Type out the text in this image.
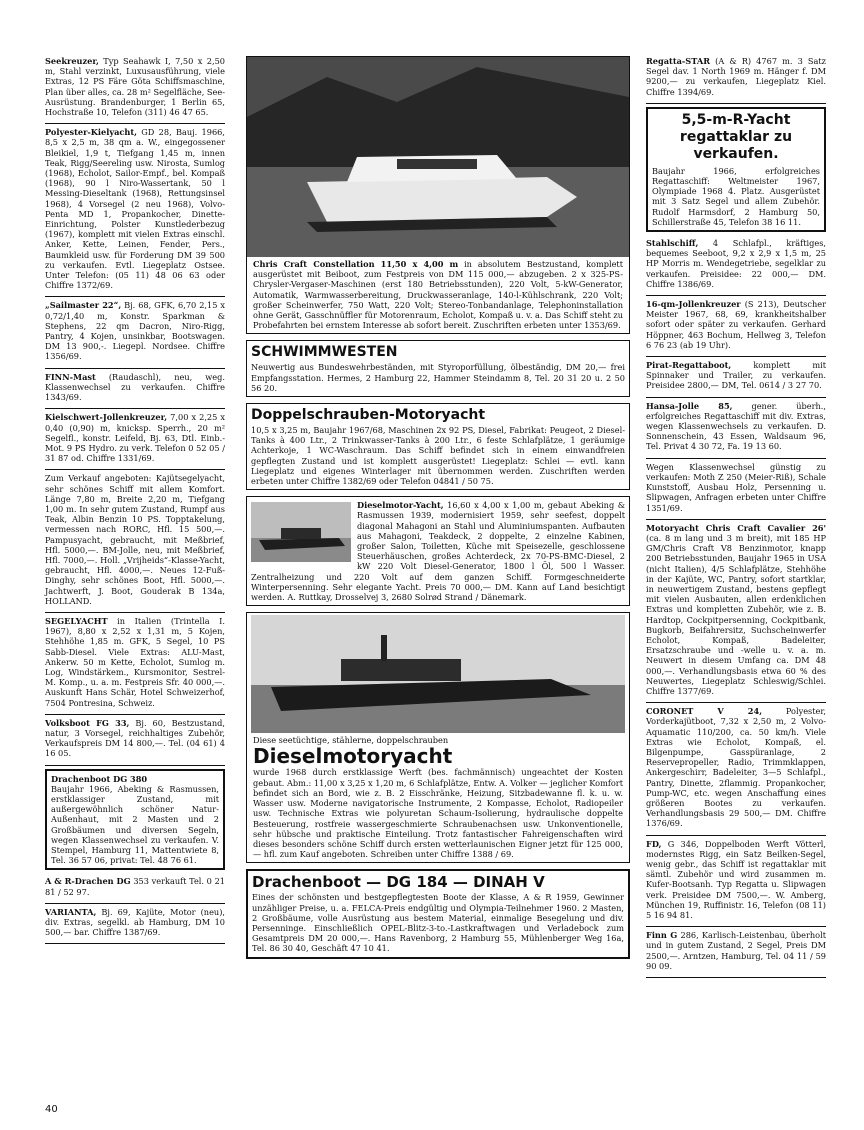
Seekreuzer, Typ Seahawk I, 7,50 x 2,50 m, Stahl verzinkt, Luxusausführung, viele Extras, 12 PS Färe Göta Schiffsmaschine, Plan über alles, ca. 28 m² Segelfläche, See-Ausrüstung. Brandenburger, 1 Berlin 65, Hochstraße 10, Telefon (311) 46 47 65.
Polyester-Kielyacht, GD 28, Bauj. 1966, 8,5 x 2,5 m, 38 qm a. W., eingegossener Bleikiel, 1,9 t, Tiefgang 1,45 m, innen Teak, Rigg/Seereling usw. Nirosta, Sumlog (1968), Echolot, Sailor-Empf., bel. Kompaß (1968), 90 l Niro-Wassertank, 50 l Messing-Dieseltank (1968), Rettungsinsel 1968), 4 Vorsegel (2 neu 1968), Volvo-Penta MD 1, Propankocher, Dinette-Einrichtung, Polster Kunstlederbezug (1967), komplett mit vielen Extras einschl. Anker, Kette, Leinen, Fender, Pers., Baumkleid usw. für Forderung DM 39 500 zu verkaufen. Evtl. Liegeplatz Ostsee. Unter Telefon: (05 11) 48 06 63 oder Chiffre 1372/69.
„Sailmaster 22“, Bj. 68, GFK, 6,70 2,15 x 0,72/1,40 m, Konstr. Sparkman & Stephens, 22 qm Dacron, Niro-Rigg, Pantry, 4 Kojen, unsinkbar, Bootswagen. DM 13 900,-. Liegepl. Nordsee. Chiffre 1356/69.
FINN-Mast (Raudaschl), neu, weg. Klassenwechsel zu verkaufen. Chiffre 1343/69.
Kielschwert-Jollenkreuzer, 7,00 x 2,25 x 0,40 (0,90) m, knicksp. Sperrh., 20 m² Segelfl., konstr. Leifeld, Bj. 63, Dtl. Einb.-Mot. 9 PS Hydro. zu verk. Telefon 0 52 05 / 31 87 od. Chiffre 1331/69.
Zum Verkauf angeboten: Kajütsegelyacht, sehr schönes Schiff mit allem Komfort. Länge 7,80 m, Breite 2,20 m, Tiefgang 1,00 m. In sehr gutem Zustand, Rumpf aus Teak, Albin Benzin 10 PS. Topptakelung, vermessen nach RORC, Hfl. 15 500,—. Pampusyacht, gebraucht, mit Meßbrief, Hfl. 5000,—. BM-Jolle, neu, mit Meßbrief, Hfl. 7000,—. Holl. „Vrijheids“-Klasse-Yacht, gebraucht, Hfl. 4000,—. Neues 12-Fuß-Dinghy, sehr schönes Boot, Hfl. 5000,—. Jachtwerft, J. Boot, Gouderak B 134a, HOLLAND.
SEGELYACHT in Italien (Trintella I. 1967), 8,80 x 2,52 x 1,31 m, 5 Kojen, Stehhöhe 1,85 m. GFK, 5 Segel, 10 PS Sabb-Diesel. Viele Extras: ALU-Mast, Ankerw. 50 m Kette, Echolot, Sumlog m. Log, Windstärkem., Kursmonitor, Sestrel-M. Komp., u. a. m. Festpreis Sfr. 40 000,—. Auskunft Hans Schär, Hotel Schweizerhof, 7504 Pontresina, Schweiz.
Volksboot FG 33, Bj. 60, Bestzustand, natur, 3 Vorsegel, reichhaltiges Zubehör, Verkaufspreis DM 14 800,—. Tel. (04 61) 4 16 05.
Drachenboot DG 380
Baujahr 1966, Abeking & Rasmussen, erstklassiger Zustand, mit außergewöhnlich schöner Natur-Außenhaut, mit 2 Masten und 2 Großbäumen und diversen Segeln, wegen Klassenwechsel zu verkaufen. V. Stempel, Hamburg 11, Mattentwiete 8, Tel. 36 57 06, privat: Tel. 48 76 61.
A & R-Drachen DG 353 verkauft Tel. 0 21 81 / 52 97.
VARIANTA, Bj. 69, Kajüte, Motor (neu), div. Extras, segelkl. ab Hamburg, DM 10 500,— bar. Chiffre 1387/69.
Chris Craft Constellation 11,50 x 4,00 m in absolutem Bestzustand, komplett ausgerüstet mit Beiboot, zum Festpreis von DM 115 000,— abzugeben. 2 x 325-PS-Chrysler-Vergaser-Maschinen (erst 180 Betriebsstunden), 220 Volt, 5-kW-Generator, Automatik, Warmwasserbereitung, Druckwasseranlage, 140-l-Kühlschrank, 220 Volt; großer Scheinwerfer, 750 Watt, 220 Volt; Stereo-Tonbandanlage, Telephoninstallation ohne Gerät, Gasschnüffler für Motorenraum, Echolot, Kompaß u. v. a. Das Schiff steht zu Probefahrten bei ernstem Interesse ab sofort bereit. Zuschriften erbeten unter 1353/69.
SCHWIMMWESTEN
Neuwertig aus Bundeswehrbeständen, mit Styroporfüllung, ölbeständig, DM 20,— frei Empfangsstation. Hermes, 2 Hamburg 22, Hammer Steindamm 8, Tel. 20 31 20 u. 2 50 56 20.
Doppelschrauben-Motoryacht
10,5 x 3,25 m, Baujahr 1967/68, Maschinen 2x 92 PS, Diesel, Fabrikat: Peugeot, 2 Diesel-Tanks à 400 Ltr., 2 Trinkwasser-Tanks à 200 Ltr., 6 feste Schlafplätze, 1 geräumige Achterkoje, 1 WC-Waschraum. Das Schiff befindet sich in einem einwandfreien gepflegten Zustand und ist komplett ausgerüstet! Liegeplatz: Schlei — evtl. kann Liegeplatz und eigenes Winterlager mit übernommen werden. Zuschriften werden erbeten unter Chiffre 1382/69 oder Telefon 04841 / 50 75.
Dieselmotor-Yacht, 16,60 x 4,00 x 1,00 m, gebaut Abeking & Rasmussen 1939, modernisiert 1959, sehr seefest, doppelt diagonal Mahagoni an Stahl und Aluminiumspanten. Aufbauten aus Mahagoni, Teakdeck, 2 doppelte, 2 einzelne Kabinen, großer Salon, Toiletten, Küche mit Speisezelle, geschlossene Steuerhäuschen, großes Achterdeck, 2x 70-PS-BMC-Diesel, 2 kW 220 Volt Diesel-Generator, 1800 l Öl, 500 l Wasser. Zentralheizung und 220 Volt auf dem ganzen Schiff. Formgeschneiderte Winterpersenning. Sehr elegante Yacht. Preis 70 000,— DM. Kann auf Land besichtigt werden. A. Ruttkay, Drosselvej 3, 2680 Solrød Strand / Dänemark.
Diese seetüchtige, stählerne, doppelschrauben
Dieselmotoryacht
wurde 1968 durch erstklassige Werft (bes. fachmännisch) ungeachtet der Kosten gebaut. Abm.: 11,00 x 3,25 x 1,20 m, 6 Schlafplätze, Entw. A. Volker — jeglicher Komfort befindet sich an Bord, wie z. B. 2 Eisschränke, Heizung, Sitzbadewanne fl. k. u. w. Wasser usw. Moderne navigatorische Instrumente, 2 Kompasse, Echolot, Radiopeiler usw. Technische Extras wie polyuretan Schaum-Isolierung, hydraulische doppelte Besteuerung, rostfreie wassergeschmierte Schraubenachsen usw. Unkonventionelle, sehr hübsche und praktische Einteilung. Trotz fantastischer Fahreigenschaften wird dieses besonders schöne Schiff durch ersten wetterlaunischen Eigner jetzt für 125 000,— hfl. zum Kauf angeboten. Schreiben unter Chiffre 1388 / 69.
Drachenboot — DG 184 — DINAH V
Eines der schönsten und bestgepflegtesten Boote der Klasse, A & R 1959, Gewinner unzähliger Preise, u. a. FELCA-Preis endgültig und Olympia-Teilnehmer 1960. 2 Masten, 2 Großbäume, volle Ausrüstung aus bestem Material, einmalige Besegelung und div. Persenninge. Einschließlich OPEL-Blitz-3-to.-Lastkraftwagen und Verladebock zum Gesamtpreis DM 20 000,—. Hans Ravenborg, 2 Hamburg 55, Mühlenberger Weg 16a, Tel. 86 30 40, Geschäft 47 10 41.
Regatta-STAR (A & R) 4767 m. 3 Satz Segel dav. 1 North 1969 m. Hänger f. DM 9200,— zu verkaufen, Liegeplatz Kiel. Chiffre 1394/69.
5,5-m-R-Yacht regattaklar zu verkaufen.
Baujahr 1966, erfolgreiches Regattaschiff: Weltmeister 1967, Olympiade 1968 4. Platz. Ausgerüstet mit 3 Satz Segel und allem Zubehör. Rudolf Harmsdorf, 2 Hamburg 50, Schillerstraße 45, Telefon 38 16 11.
Stahlschiff, 4 Schlafpl., kräftiges, bequemes Seeboot, 9,2 x 2,9 x 1,5 m, 25 HP Morris m. Wendegetriebe, segelklar zu verkaufen. Preisidee: 22 000,— DM. Chiffre 1386/69.
16-qm-Jollenkreuzer (S 213), Deutscher Meister 1967, 68, 69, krankheitshalber sofort oder später zu verkaufen. Gerhard Höppner, 463 Bochum, Hellweg 3, Telefon 6 76 23 (ab 19 Uhr).
Pirat-Regattaboot, komplett mit Spinnaker und Trailer, zu verkaufen. Preisidee 2800,— DM, Tel. 0614 / 3 27 70.
Hansa-Jolle 85, gener. überh., erfolgreiches Regattaschiff mit div. Extras, wegen Klassenwechsels zu verkaufen. D. Sonnenschein, 43 Essen, Waldsaum 96, Tel. Privat 4 30 72, Fa. 19 13 60.
Wegen Klassenwechsel günstig zu verkaufen: Moth Z 250 (Meier-Riß), Schale Kunststoff, Ausbau Holz, Persenning u. Slipwagen, Anfragen erbeten unter Chiffre 1351/69.
Motoryacht Chris Craft Cavalier 26' (ca. 8 m lang und 3 m breit), mit 185 HP GM/Chris Craft V8 Benzinmotor, knapp 200 Betriebsstunden, Baujahr 1965 in USA (nicht Italien), 4/5 Schlafplätze, Stehhöhe in der Kajüte, WC, Pantry, sofort startklar, in neuwertigem Zustand, bestens gepflegt mit vielen Ausbauten, allen erdenklichen Extras und kompletten Zubehör, wie z. B. Hardtop, Cockpitpersenning, Cockpitbank, Bugkorb, Beifahrersitz, Suchscheinwerfer Echolot, Kompaß, Badeleiter, Ersatzschraube und -welle u. v. a. m. Neuwert in diesem Umfang ca. DM 48 000,—. Verhandlungsbasis etwa 60 % des Neuwertes, Liegeplatz Schleswig/Schlei. Chiffre 1377/69.
CORONET V 24, Polyester, Vorderkajütboot, 7,32 x 2,50 m, 2 Volvo-Aquamatic 110/200, ca. 50 km/h. Viele Extras wie Echolot, Kompaß, el. Bilgenpumpe, Gasspüranlage, 2 Reservepropeller, Radio, Trimmklappen, Ankergeschirr, Badeleiter, 3—5 Schlafpl., Pantry, Dinette, 2flammig. Propankocher, Pump-WC, etc. wegen Anschaffung eines größeren Bootes zu verkaufen. Verhandlungsbasis 29 500,— DM. Chiffre 1376/69.
FD, G 346, Doppelboden Werft Vötterl, modernstes Rigg, ein Satz Beilken-Segel, wenig gebr., das Schiff ist regattaklar mit sämtl. Zubehör und wird zusammen m. Kufer-Bootsanh. Typ Regatta u. Slipwagen verk. Preisidee DM 7500,—. W. Amberg, München 19, Ruffinistr. 16, Telefon (08 11) 5 16 94 81.
Finn G 286, Karlisch-Leistenbau, überholt und in gutem Zustand, 2 Segel, Preis DM 2500,—. Arntzen, Hamburg, Tel. 04 11 / 59 90 09.
40
